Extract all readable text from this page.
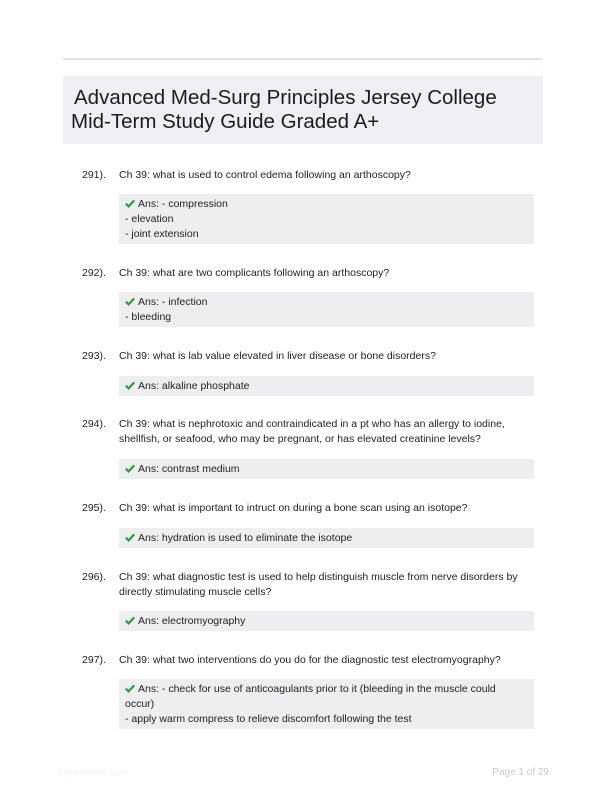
Advanced Med-Surg Principles Jersey College
Mid-Term Study Guide Graded A+
291). Ch 39: what is used to control edema following an arthoscopy?
Ans: - compression
- elevation
- joint extension
292). Ch 39: what are two complicants following an arthoscopy?
Ans: - infection
- bleeding
293). Ch 39: what is lab value elevated in liver disease or bone disorders?
Ans: alkaline phosphate
294). Ch 39: what is nephrotoxic and contraindicated in a pt who has an allergy to iodine,
shellfish, or seafood, who may be pregnant, or has elevated creatinine levels?
Ans: contrast medium
295). Ch 39: what is important to intruct on during a bone scan using an isotope?
Ans: hydration is used to eliminate the isotope
296). Ch 39: what diagnostic test is used to help distinguish muscle from nerve disorders by
directly stimulating muscle cells?
Ans: electromyography
297). Ch 39: what two interventions do you do for the diagnostic test electromyography?
Ans: - check for use of anticoagulants prior to it (bleeding in the muscle could
occur)
- apply warm compress to relieve discomfort following the test
PaperWebs.com	Page 1 of 29
